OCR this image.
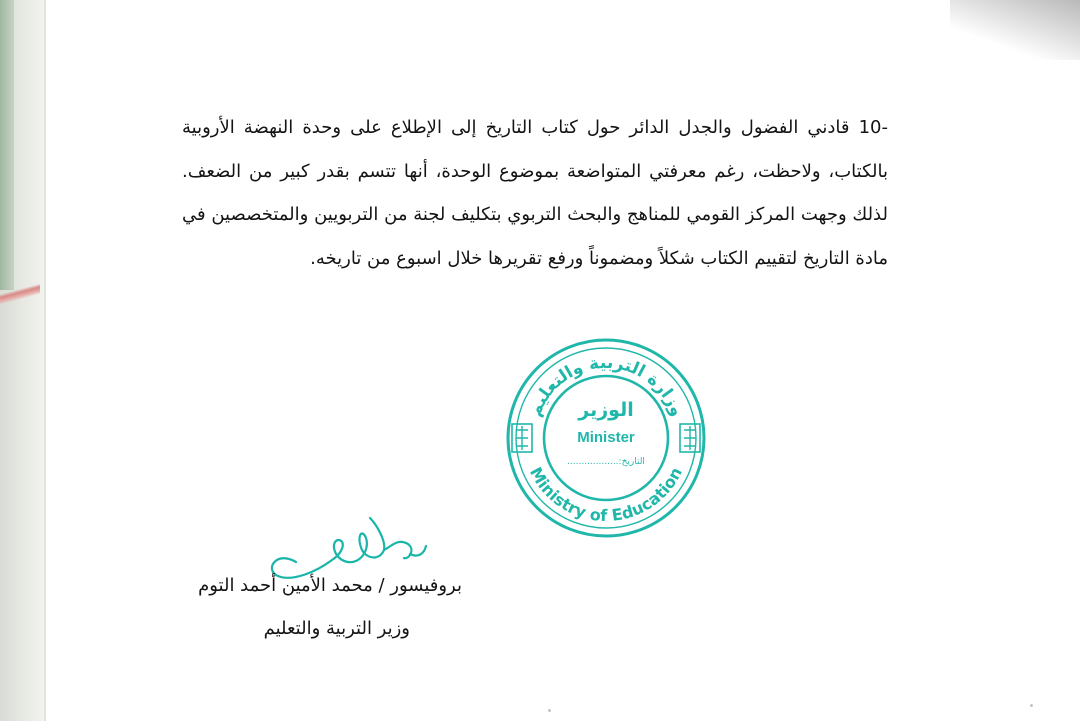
-10 قادني الفضول والجدل الدائر حول كتاب التاريخ إلى الإطلاع على وحدة النهضة الأروبية بالكتاب، ولاحظت، رغم معرفتي المتواضعة بموضوع الوحدة، أنها تتسم بقدر كبير من الضعف. لذلك وجهت المركز القومي للمناهج والبحث التربوي بتكليف لجنة من التربويين والمتخصصين في مادة التاريخ لتقييم الكتاب شكلاً ومضموناً ورفع تقريرها خلال اسبوع من تاريخه.

وزارة التربية والتعليم
Ministry of Education
الوزير
Minister
التاريخ:..................

بروفيسور / محمد الأمين أحمد التوم

وزير التربية والتعليم
